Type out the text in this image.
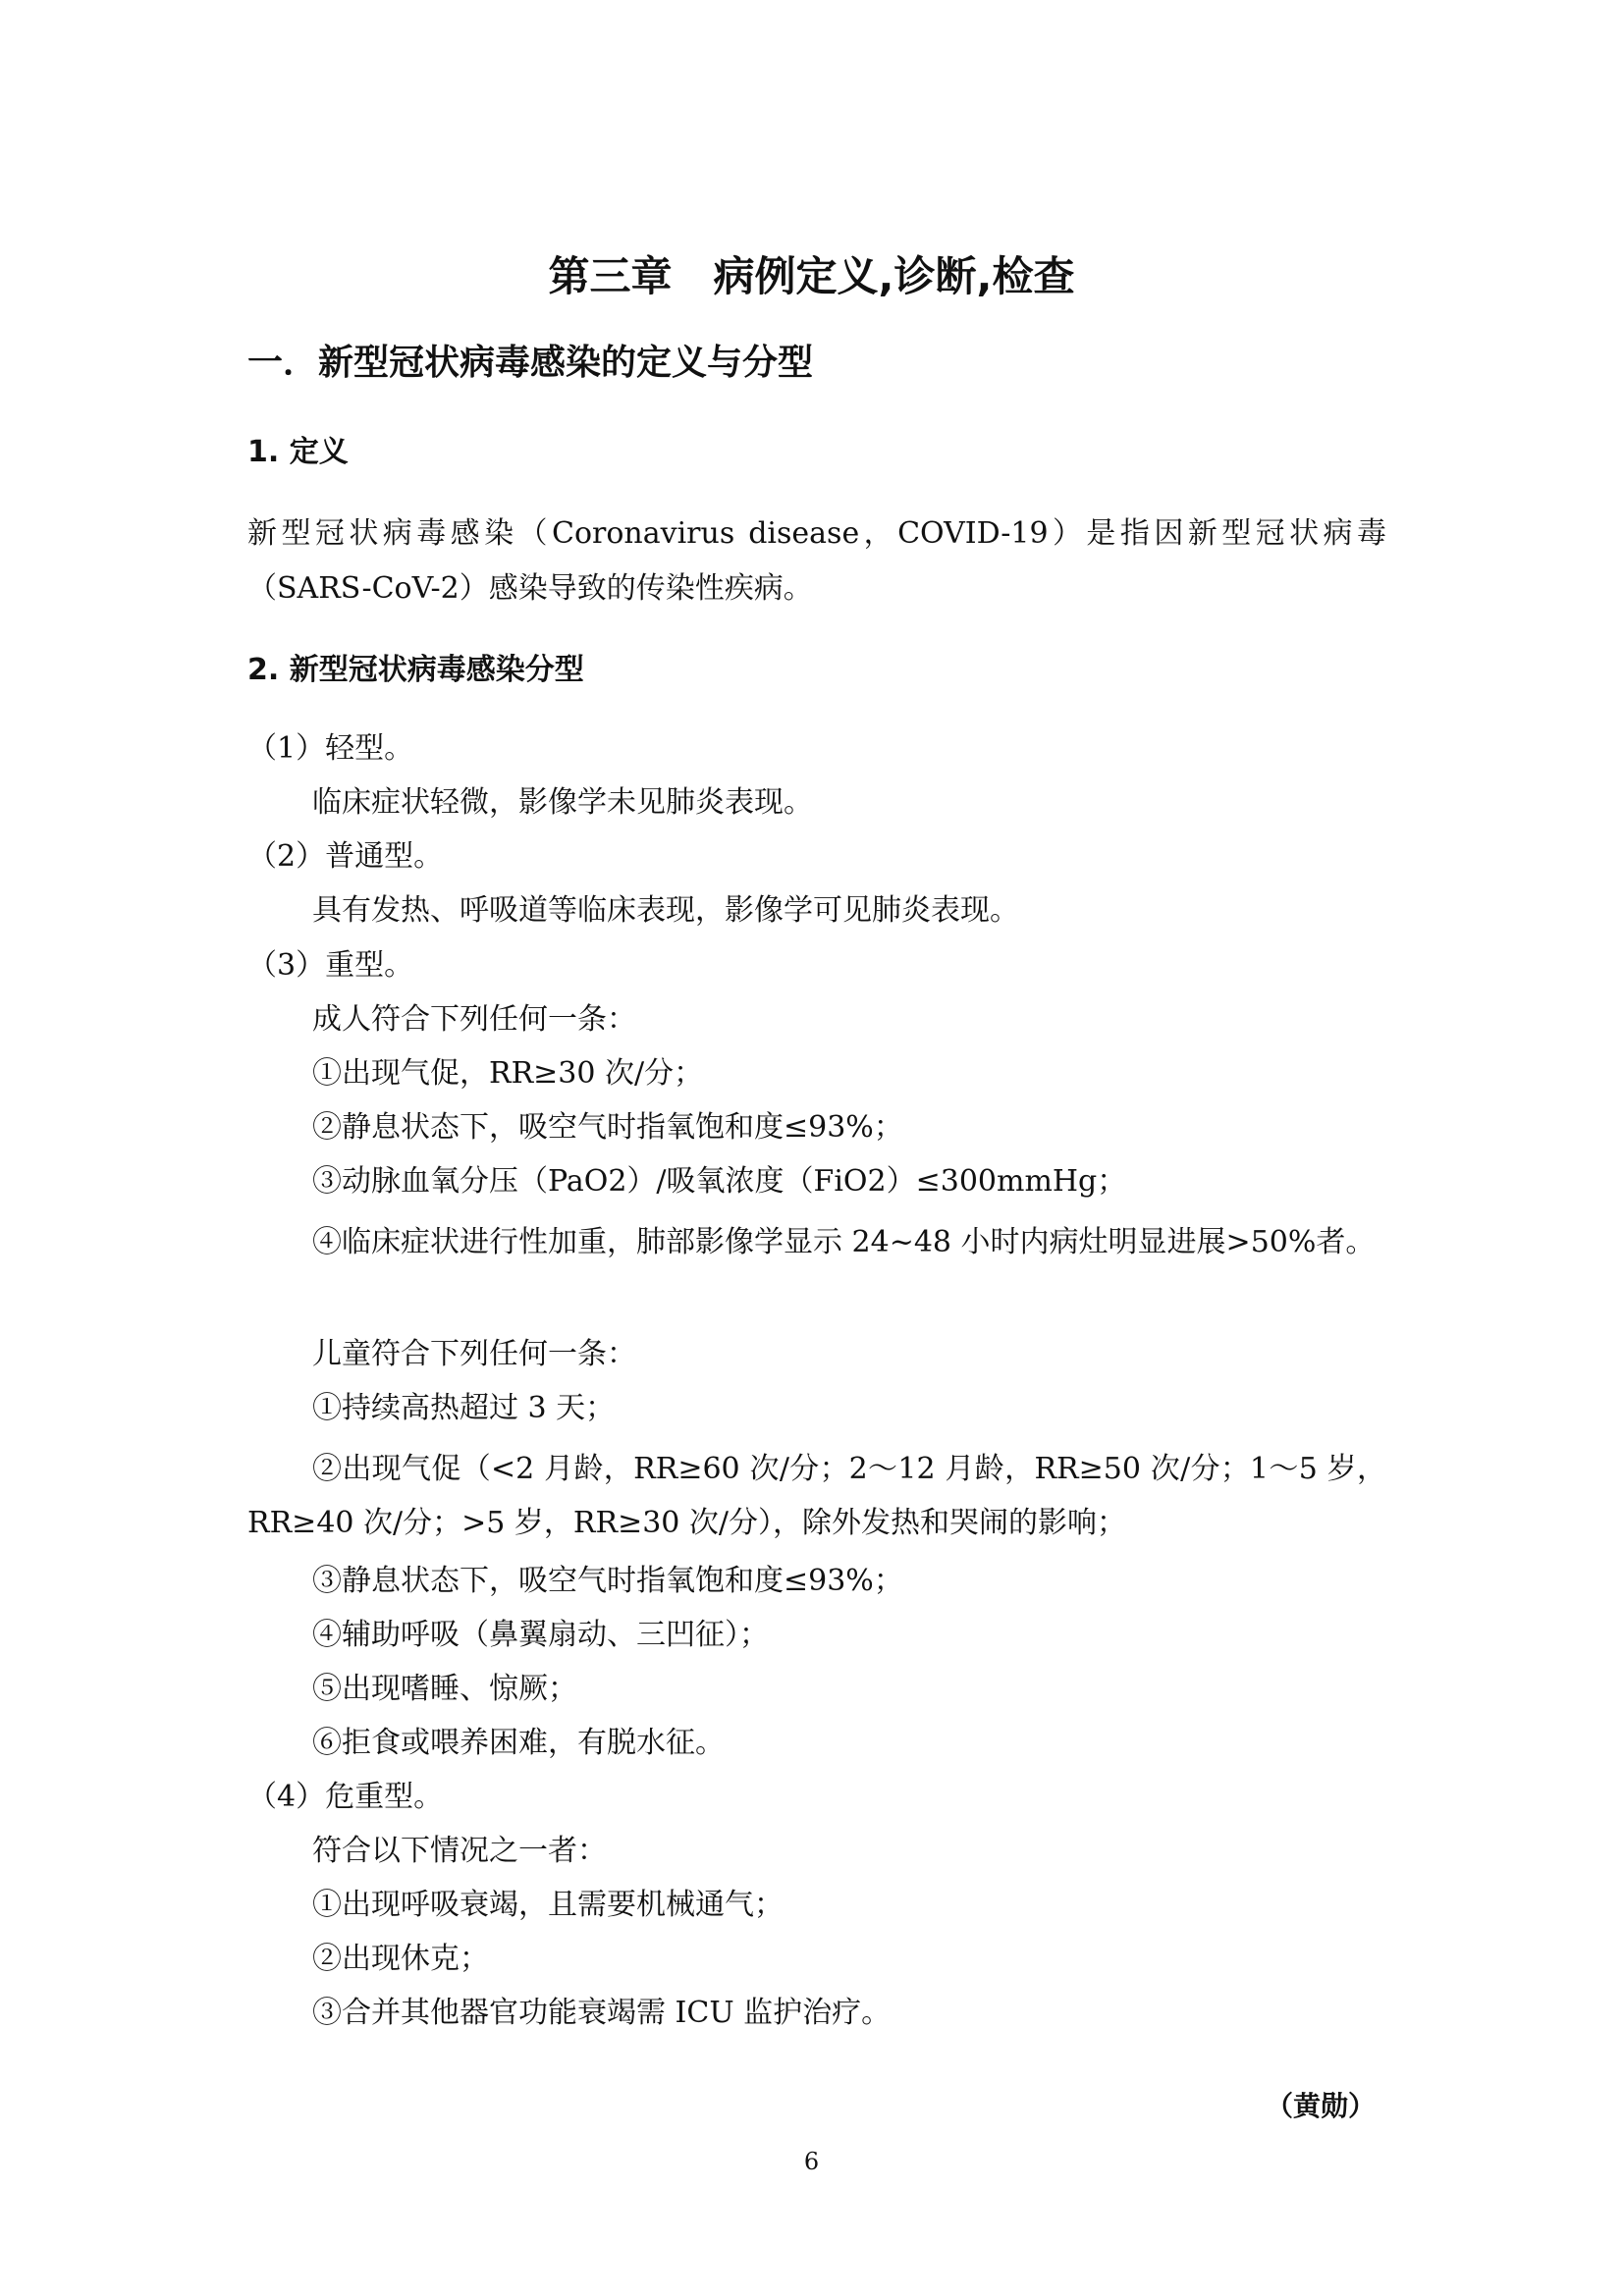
第三章　病例定义,诊断,检查
一．新型冠状病毒感染的定义与分型
1. 定义

新型冠状病毒感染（Coronavirus disease，COVID-19）是指因新型冠状病毒（SARS-CoV-2）感染导致的传染性疾病。

2. 新型冠状病毒感染分型

（1）轻型。

临床症状轻微，影像学未见肺炎表现。

（2）普通型。

具有发热、呼吸道等临床表现，影像学可见肺炎表现。

（3）重型。

成人符合下列任何一条：

①出现气促，RR≥30 次/分；

②静息状态下，吸空气时指氧饱和度≤93%；

③动脉血氧分压（PaO2）/吸氧浓度（FiO2）≤300mmHg；

④临床症状进行性加重，肺部影像学显示 24~48 小时内病灶明显进展>50%者。

儿童符合下列任何一条：

①持续高热超过 3 天；

②出现气促（<2 月龄，RR≥60 次/分；2～12 月龄，RR≥50 次/分；1～5 岁，RR≥40 次/分；>5 岁，RR≥30 次/分），除外发热和哭闹的影响；

③静息状态下，吸空气时指氧饱和度≤93%；

④辅助呼吸（鼻翼扇动、三凹征）；

⑤出现嗜睡、惊厥；

⑥拒食或喂养困难，有脱水征。

（4）危重型。

符合以下情况之一者：

①出现呼吸衰竭，且需要机械通气；

②出现休克；

③合并其他器官功能衰竭需 ICU 监护治疗。

（黄勋）

6
